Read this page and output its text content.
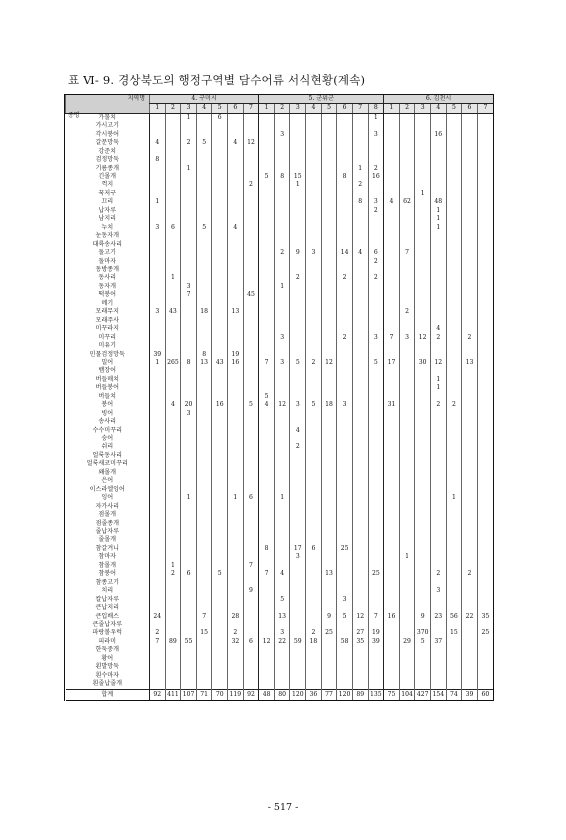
표 Ⅵ- 9. 경상북도의 행정구역별 담수어류 서식현황(계속)
지역명
종명	4. 구미시							5. 군위군								6. 김천시						
	1	2	3	4	5	6	7	1	2	3	4	5	6	7	8	1	2	3	4	5	6	7
가물치			1		6										1							
가시고기																						
각시붕어									3						3				16			
갈문망둑	4		2	5		4	12															
강준치																						
검정망둑	8																					
기름종개			1											1	2							
긴몰개								5	8	15			8		16							
꺽지							2			1				2								
꾹저구																		1				
끄리	1													8	3	4	62		48			
납자루															2				1			
남지리																			1			
누치	3	6		5		4													1			
눈동자개																						
대륙송사리																						
돌고기									2	9	3		14	4	6		7					
돌마자															2							
동방종개																						
동사리		1								2			2		2							
동자개			3						1													
떡붕어			7				45															
메기																						
모래무지	3	43		18		13											2					
모래주사																						
미꾸라지																			4			
미꾸리									3				2		3	7	3	12	2		2	
미유기																						
민물검정망둑	39			8		19																
밀어	1	265	8	13	43	16		7	3	5	2	12			5	17		30	12		13	
뱀장어																						
버들매치																			1			
버들붕어																			1			
버들치								5														
붕어		4	20		16		5	4	12	3	5	18	3			31			2	2		
빙어			3																			
송사리																						
수수미꾸리										4												
숭어																						
쉬리										2												
얼룩동사리																						
얼룩새코미꾸리																						
왜몰개																						
은어																						
이스라엘잉어																						
잉어			1			1	6		1											1		
자가사리																						
점몰개																						
점줄종개																						
줄납자루																						
줄몰개																						
참갈겨니								8		17	6		25									
참마자										3							1					
참몰개		1					7															
참붕어		2	6		5			7	4			13			25				2		2	
참종고기																						
치리							9												3			
칼납자루									5				3									
큰납지리																						
큰입배스	24			7		28			13			9	5	12	7	16		9	23	56	22	35
큰줄납자루																						
파랑볼우럭	2			15		2			3		2	25		27	19			370		15		25
피라미	7	89	55			32	6	12	22	59	18		58	35	39		29	5	37			
한둑중개																						
황어																						
횐발망둑																						
흰수마자																						
흰줄납줄개																						
합계	92	411	107	71	70	119	92	48	80	120	36	77	120	89	135	75	104	427	154	74	39	60
- 517 -
